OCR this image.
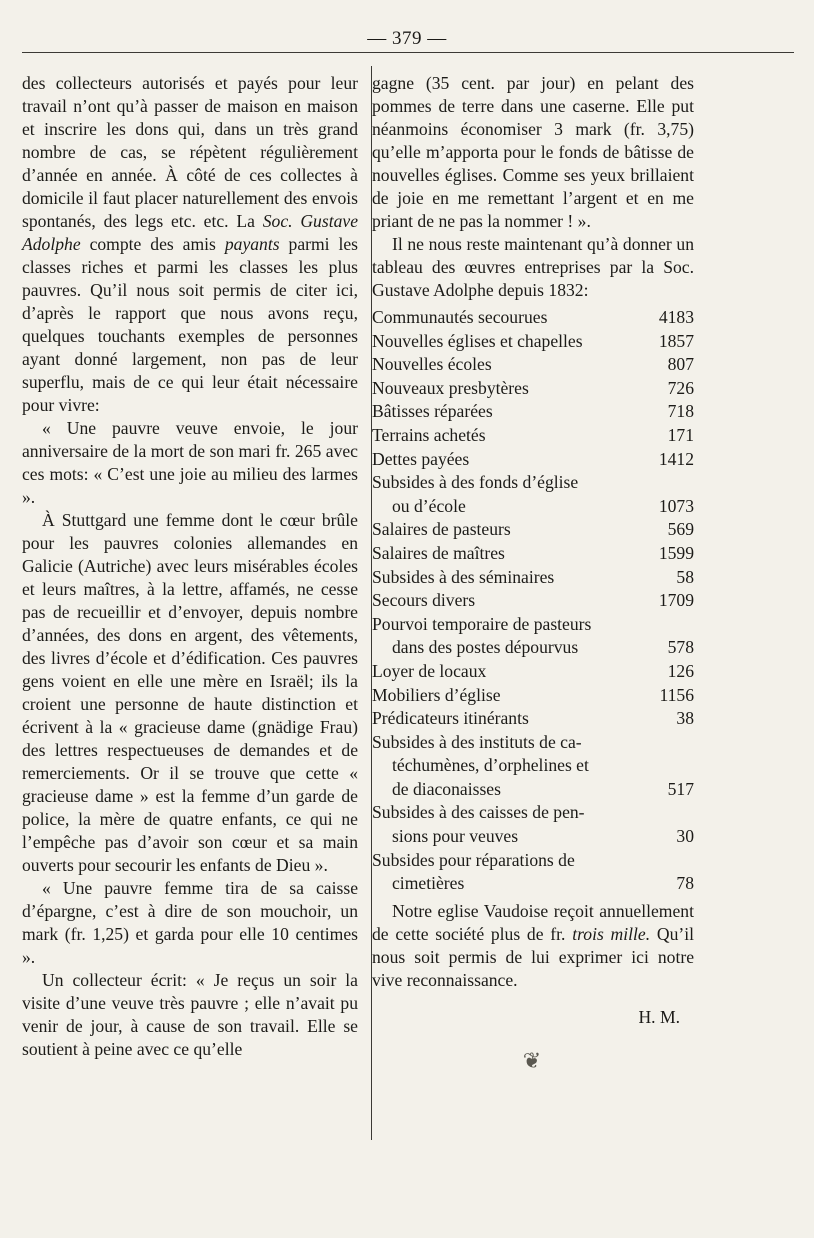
— 379 —

des collecteurs autorisés et payés pour leur travail n’ont qu’à passer de maison en maison et inscrire les dons qui, dans un très grand nombre de cas, se répètent régulièrement d’année en année. À côté de ces collectes à domicile il faut placer naturellement des envois spontanés, des legs etc. etc. La Soc. Gustave Adolphe compte des amis payants parmi les classes riches et parmi les classes les plus pauvres. Qu’il nous soit permis de citer ici, d’après le rapport que nous avons reçu, quelques touchants exemples de personnes ayant donné largement, non pas de leur superflu, mais de ce qui leur était nécessaire pour vivre:

« Une pauvre veuve envoie, le jour anniversaire de la mort de son mari fr. 265 avec ces mots: « C’est une joie au milieu des larmes ».

À Stuttgard une femme dont le cœur brûle pour les pauvres colonies allemandes en Galicie (Autriche) avec leurs misérables écoles et leurs maîtres, à la lettre, affamés, ne cesse pas de recueillir et d’envoyer, depuis nombre d’années, des dons en argent, des vêtements, des livres d’école et d’édification. Ces pauvres gens voient en elle une mère en Israël; ils la croient une personne de haute distinction et écrivent à la « gracieuse dame (gnädige Frau) des lettres respectueuses de demandes et de remerciements. Or il se trouve que cette « gracieuse dame » est la femme d’un garde de police, la mère de quatre enfants, ce qui ne l’empêche pas d’avoir son cœur et sa main ouverts pour secourir les enfants de Dieu ».

« Une pauvre femme tira de sa caisse d’épargne, c’est à dire de son mouchoir, un mark (fr. 1,25) et garda pour elle 10 centimes ».

Un collecteur écrit: « Je reçus un soir la visite d’une veuve très pauvre ; elle n’avait pu venir de jour, à cause de son travail. Elle se soutient à peine avec ce qu’elle

gagne (35 cent. par jour) en pelant des pommes de terre dans une caserne. Elle put néanmoins économiser 3 mark (fr. 3,75) qu’elle m’apporta pour le fonds de bâtisse de nouvelles églises. Comme ses yeux brillaient de joie en me remettant l’argent et en me priant de ne pas la nommer ! ».

Il ne nous reste maintenant qu’à donner un tableau des œuvres entreprises par la Soc. Gustave Adolphe depuis 1832:

Communautés secourues	4183
Nouvelles églises et chapelles	1857
Nouvelles écoles	807
Nouveaux presbytères	726
Bâtisses réparées	718
Terrains achetés	171
Dettes payées	1412
Subsides à des fonds d’église
ou d’école	1073
Salaires de pasteurs	569
Salaires de maîtres	1599
Subsides à des séminaires	58
Secours divers	1709
Pourvoi temporaire de pasteurs
dans des postes dépourvus	578
Loyer de locaux	126
Mobiliers d’église	1156
Prédicateurs itinérants	38
Subsides à des instituts de ca-
téchumènes, d’orphelines et
de diaconaisses	517
Subsides à des caisses de pen-
sions pour veuves	30
Subsides pour réparations de
cimetières	78

Notre eglise Vaudoise reçoit annuellement de cette société plus de fr. trois mille. Qu’il nous soit permis de lui exprimer ici notre vive reconnaissance.

H. M.
❦
